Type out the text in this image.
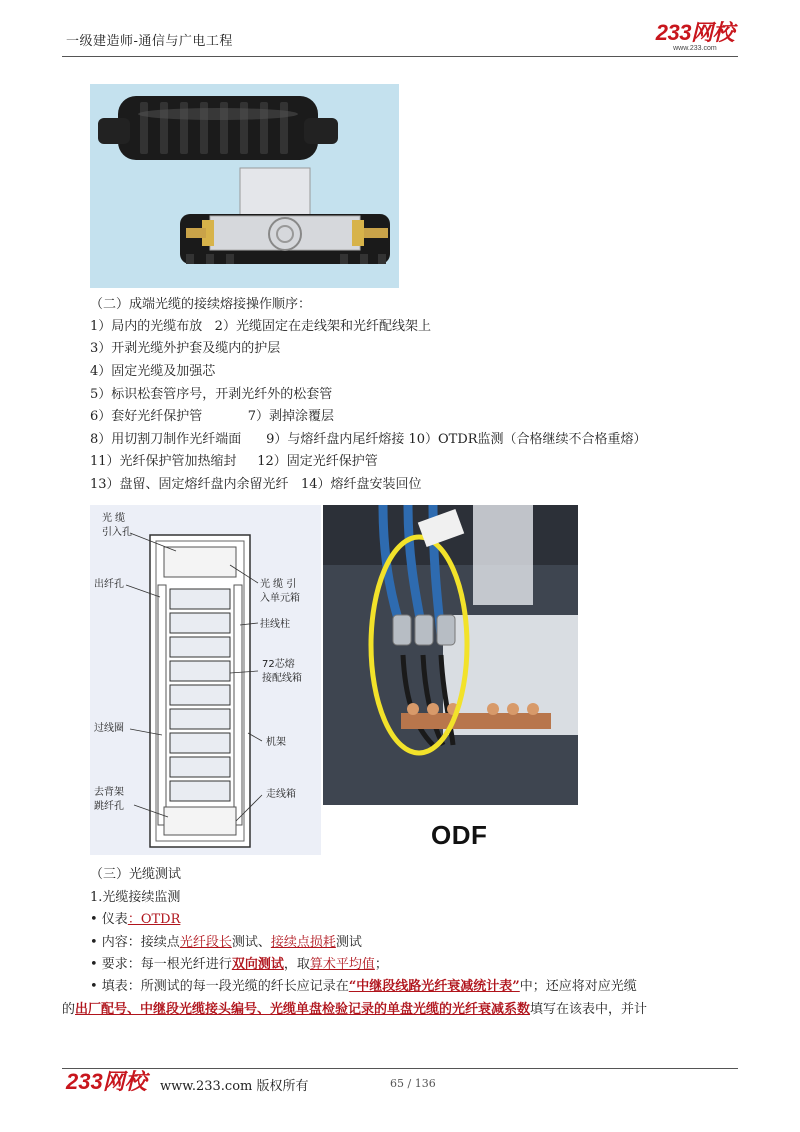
一级建造师-通信与广电工程	233网校
www.233.com
（二）成端光缆的接续熔接操作顺序：
1）局内的光缆布放   2）光缆固定在走线架和光纤配线架上
3）开剥光缆外护套及缆内的护层
4）固定光缆及加强芯
5）标识松套管序号，开剥光纤外的松套管
6）套好光纤保护管           7）剥掉涂覆层
8）用切割刀制作光纤端面      9）与熔纤盘内尾纤熔接 10）OTDR监测（合格继续不合格重熔）
11）光纤保护管加热缩封     12）固定光纤保护管
13）盘留、固定熔纤盘内余留光纤   14）熔纤盘安装回位
光 缆
引入孔
出纤孔	光 缆 引
入单元箱
挂线柱
72芯熔
接配线箱
过线圈
机架
去背架
跳纤孔
走线箱
ODF
（三）光缆测试
1.光缆接续监测
• 仪表：OTDR
• 内容：接续点光纤段长测试、接续点损耗测试
• 要求：每一根光纤进行双向测试，取算术平均值；
• 填表：所测试的每一段光缆的纤长应记录在“中继段线路光纤衰减统计表”中；还应将对应光缆
的出厂配号、中继段光缆接头编号、光缆单盘检验记录的单盘光缆的光纤衰减系数填写在该表中，并计
233网校 www.233.com 版权所有	65 / 136
